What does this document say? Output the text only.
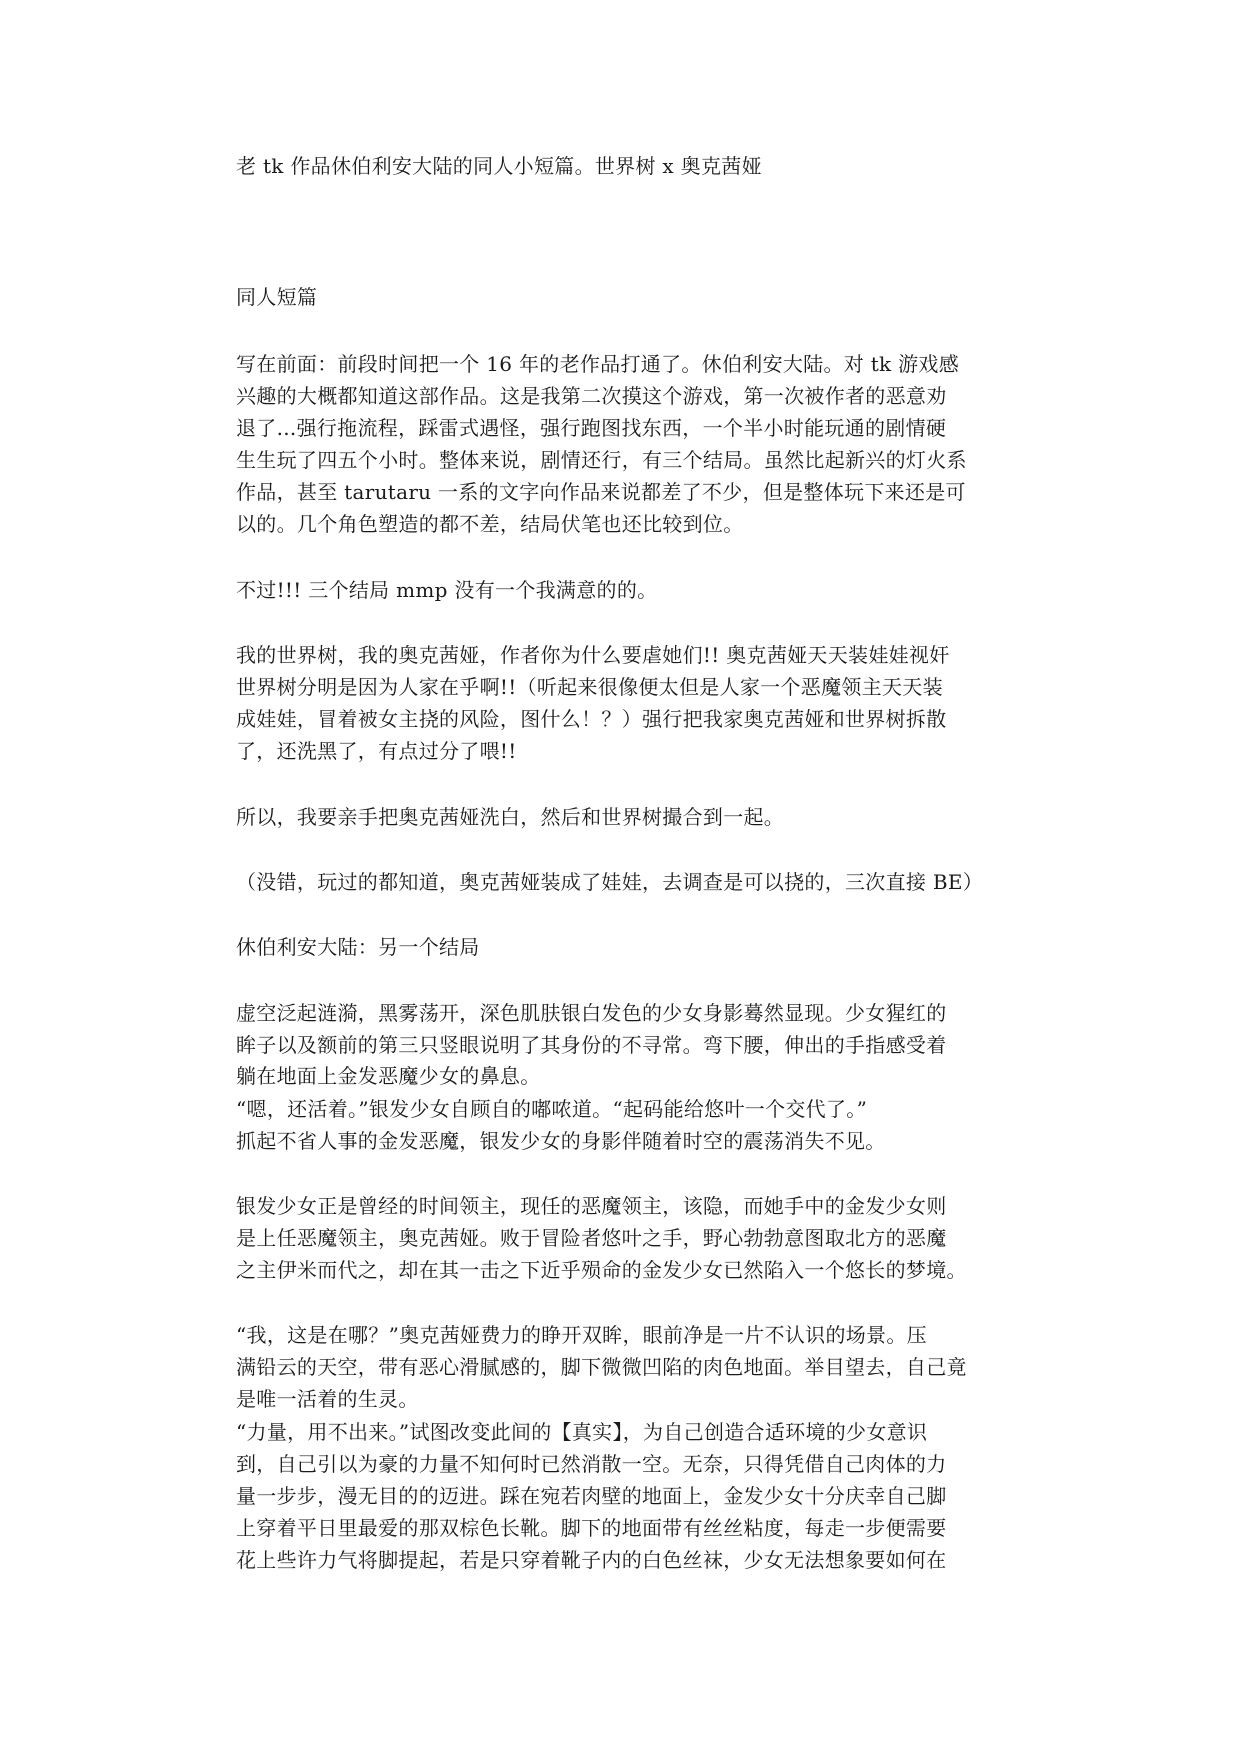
老 tk 作品休伯利安大陆的同人小短篇。世界树 x 奥克茜娅
同人短篇
写在前面：前段时间把一个 16 年的老作品打通了。休伯利安大陆。对 tk 游戏感
兴趣的大概都知道这部作品。这是我第二次摸这个游戏，第一次被作者的恶意劝
退了...强行拖流程，踩雷式遇怪，强行跑图找东西，一个半小时能玩通的剧情硬
生生玩了四五个小时。整体来说，剧情还行，有三个结局。虽然比起新兴的灯火系
作品，甚至 tarutaru 一系的文字向作品来说都差了不少，但是整体玩下来还是可
以的。几个角色塑造的都不差，结局伏笔也还比较到位。
不过!!! 三个结局 mmp 没有一个我满意的的。
我的世界树，我的奥克茜娅，作者你为什么要虐她们!! 奥克茜娅天天装娃娃视奸
世界树分明是因为人家在乎啊!!（听起来很像便太但是人家一个恶魔领主天天装
成娃娃，冒着被女主挠的风险，图什么！？）强行把我家奥克茜娅和世界树拆散
了，还洗黑了，有点过分了喂!!
所以，我要亲手把奥克茜娅洗白，然后和世界树撮合到一起。
（没错，玩过的都知道，奥克茜娅装成了娃娃，去调查是可以挠的，三次直接 BE）
休伯利安大陆：另一个结局
虚空泛起涟漪，黑雾荡开，深色肌肤银白发色的少女身影蓦然显现。少女猩红的
眸子以及额前的第三只竖眼说明了其身份的不寻常。弯下腰，伸出的手指感受着
躺在地面上金发恶魔少女的鼻息。
“嗯，还活着。”银发少女自顾自的嘟哝道。“起码能给悠叶一个交代了。”
抓起不省人事的金发恶魔，银发少女的身影伴随着时空的震荡消失不见。
银发少女正是曾经的时间领主，现任的恶魔领主，该隐，而她手中的金发少女则
是上任恶魔领主，奥克茜娅。败于冒险者悠叶之手，野心勃勃意图取北方的恶魔
之主伊米而代之，却在其一击之下近乎殒命的金发少女已然陷入一个悠长的梦境。
“我，这是在哪？”奥克茜娅费力的睁开双眸，眼前净是一片不认识的场景。压
满铅云的天空，带有恶心滑腻感的，脚下微微凹陷的肉色地面。举目望去，自己竟
是唯一活着的生灵。
“力量，用不出来。”试图改变此间的【真实】，为自己创造合适环境的少女意识
到，自己引以为豪的力量不知何时已然消散一空。无奈，只得凭借自己肉体的力
量一步步，漫无目的的迈进。踩在宛若肉壁的地面上，金发少女十分庆幸自己脚
上穿着平日里最爱的那双棕色长靴。脚下的地面带有丝丝粘度，每走一步便需要
花上些许力气将脚提起，若是只穿着靴子内的白色丝袜，少女无法想象要如何在
